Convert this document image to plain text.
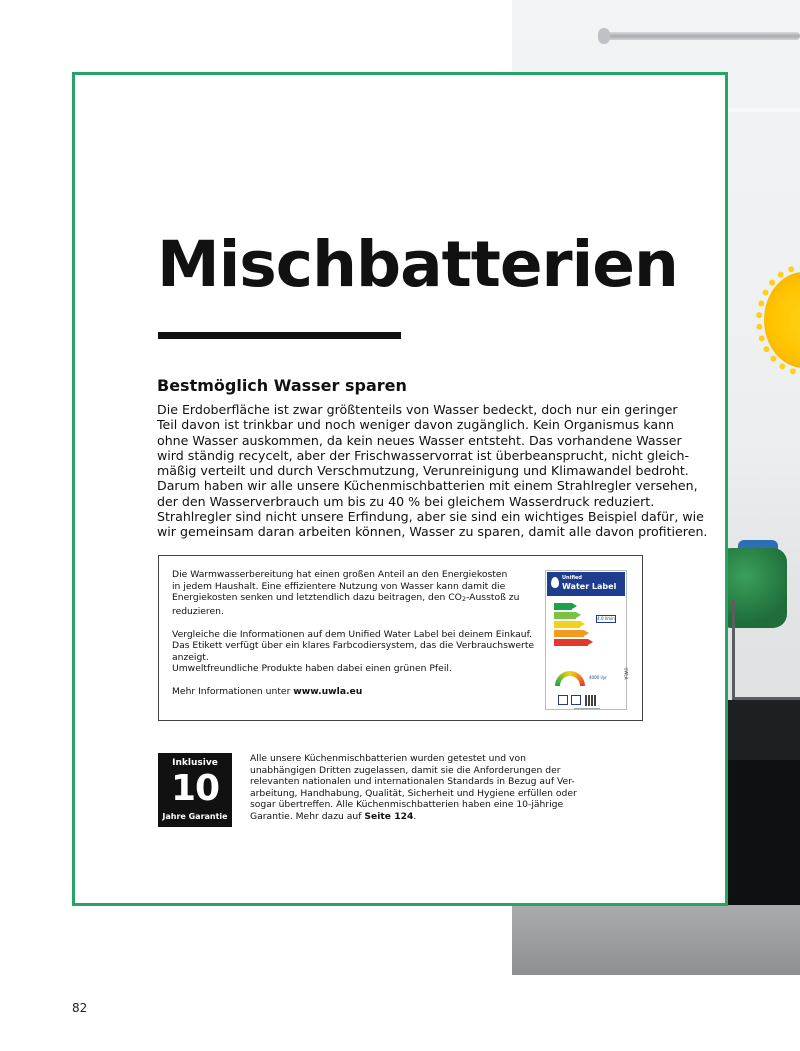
Mischbatterien
Bestmöglich Wasser sparen
Die Erdoberfläche ist zwar größtenteils von Wasser bedeckt, doch nur ein geringer
Teil davon ist trinkbar und noch weniger davon zugänglich. Kein Organismus kann
ohne Wasser auskommen, da kein neues Wasser entsteht. Das vorhandene Wasser
wird ständig recycelt, aber der Frischwasservorrat ist überbeansprucht, nicht gleich-
mäßig verteilt und durch Verschmutzung, Verunreinigung und Klimawandel bedroht.
Darum haben wir alle unsere Küchenmischbatterien mit einem Strahlregler versehen,
der den Wasserverbrauch um bis zu 40 % bei gleichem Wasserdruck reduziert.
Strahlregler sind nicht unsere Erfindung, aber sie sind ein wichtiges Beispiel dafür, wie
wir gemeinsam daran arbeiten können, Wasser zu sparen, damit alle davon profitieren.
Die Warmwasserbereitung hat einen großen Anteil an den Energiekosten
in jedem Haushalt. Eine effizientere Nutzung von Wasser kann damit die
Energiekosten senken und letztendlich dazu beitragen, den $CO_2$-Ausstoß zu
reduzieren.
Vergleiche die Informationen auf dem Unified Water Label bei deinem Einkauf.
Das Etikett verfügt über ein klares Farbcodiersystem, das die Verbrauchswerte
anzeigt.
Umweltfreundliche Produkte haben dabei einen grünen Pfeil.
Mehr Informationen unter www.uwla.eu
Unified
Water Label
4.0 l/min
4000 l/yr	UWLA
Inklusive
10
Jahre Garantie
Alle unsere Küchenmischbatterien wurden getestet und von
unabhängigen Dritten zugelassen, damit sie die Anforderungen der
relevanten nationalen und internationalen Standards in Bezug auf Ver-
arbeitung, Handhabung, Qualität, Sicherheit und Hygiene erfüllen oder
sogar übertreffen. Alle Küchenmischbatterien haben eine 10-jährige
Garantie. Mehr dazu auf Seite 124.
82
